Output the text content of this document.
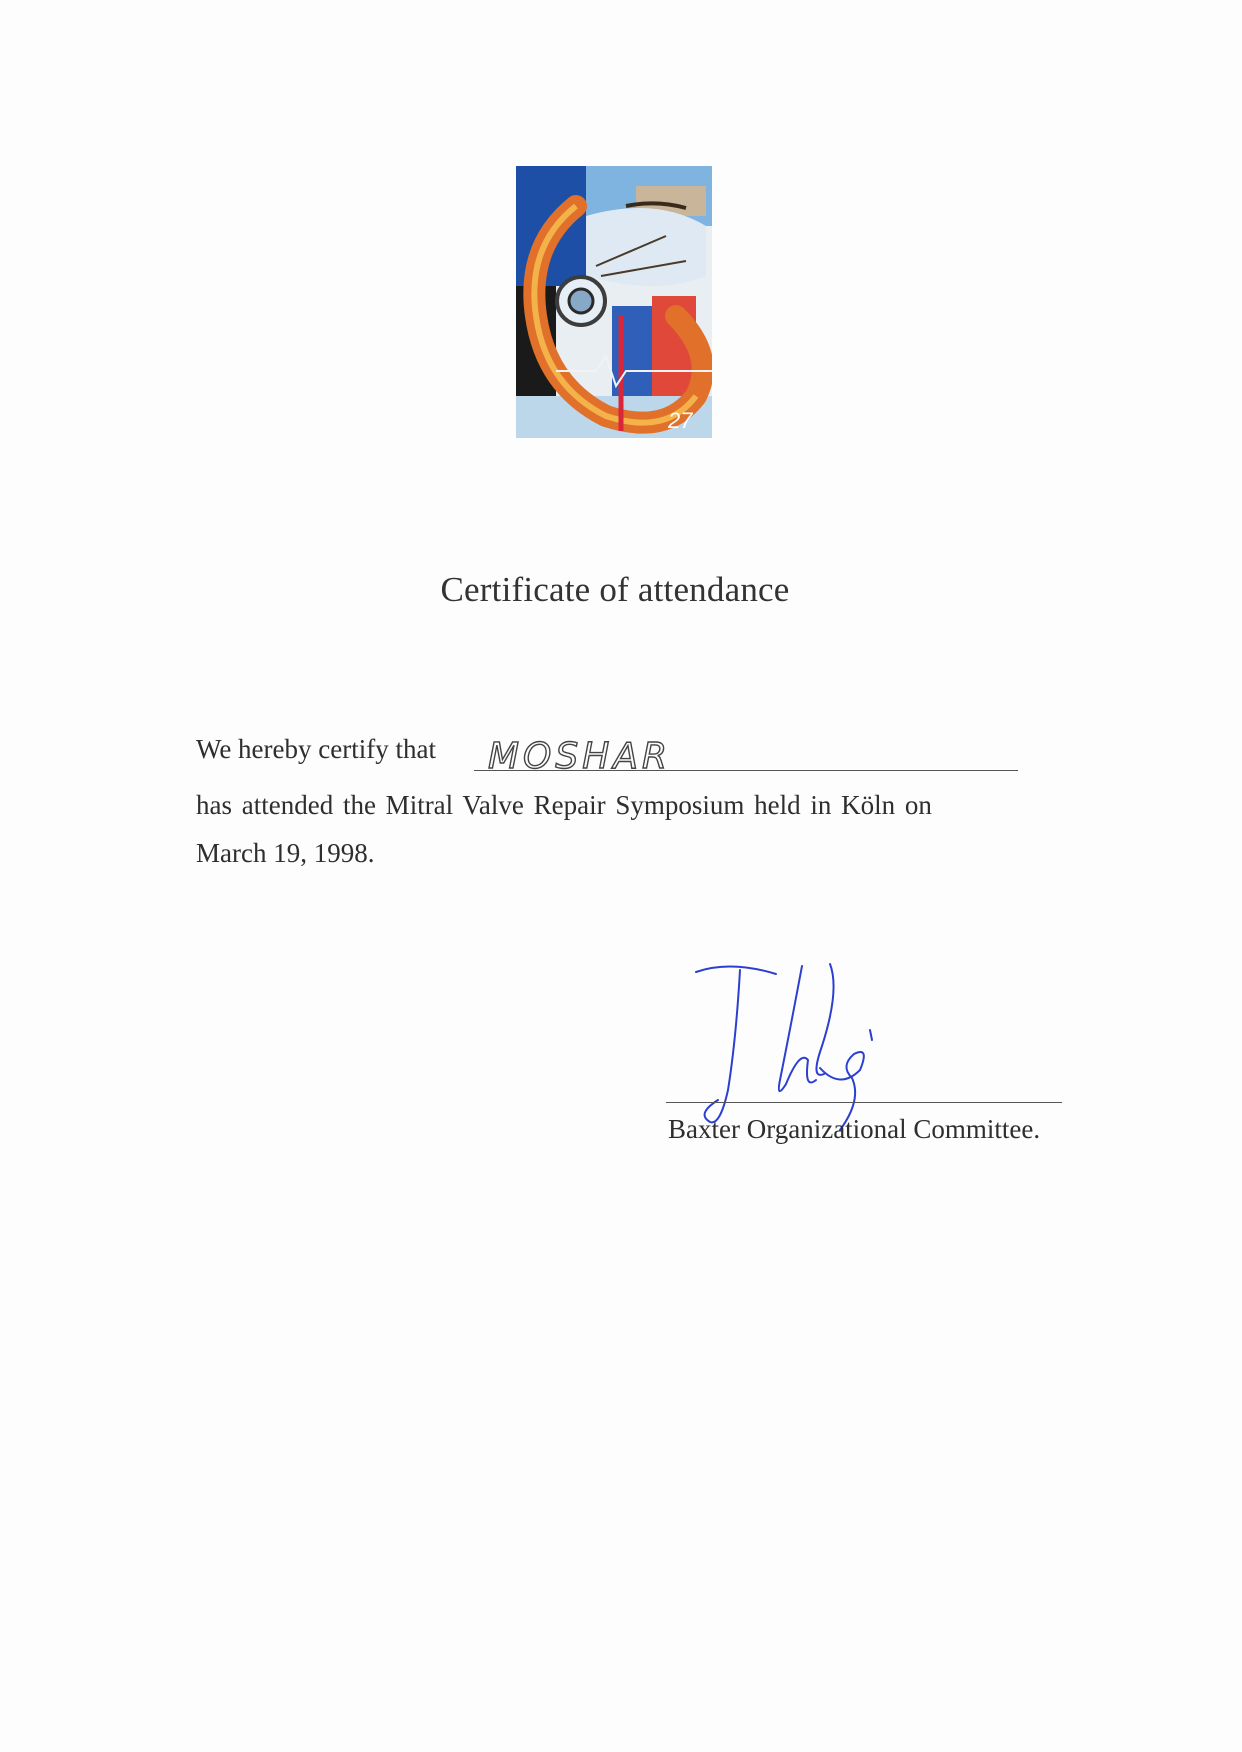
27
Certificate of attendance
We hereby certify that MOSHAR
has attended the Mitral Valve Repair Symposium held in Köln on
March 19, 1998.
Baxter Organizational Committee.
